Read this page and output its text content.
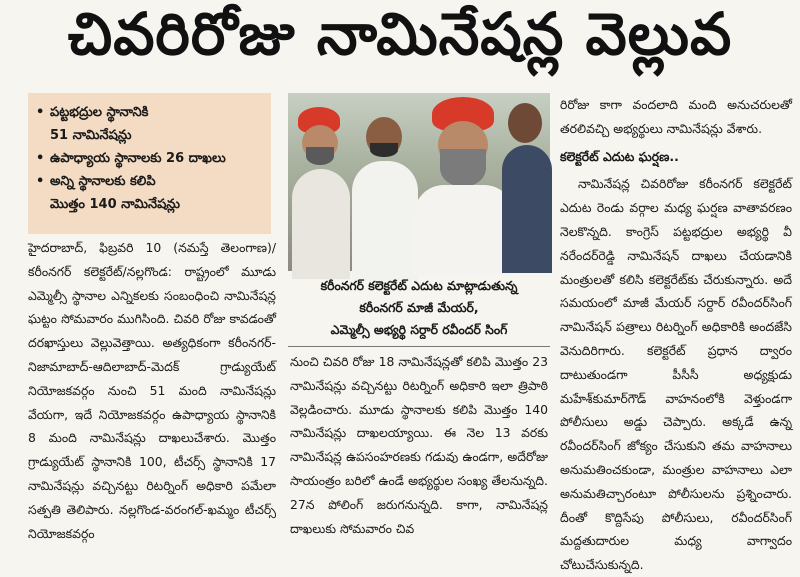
చివరిరోజు నామినేషన్ల వెల్లువ
• పట్టభద్రుల స్థానానికి
51 నామినేషన్లు
• ఉపాధ్యాయ స్థానాలకు 26 దాఖలు
• అన్ని స్థానాలకు కలిపి
మొత్తం 140 నామినేషన్లు

హైదరాబాద్, ఫిబ్రవరి 10 (నమస్తే తెలంగాణ)/కరీంనగర్ కలెక్టరేట్/నల్లగొండ: రాష్ట్రంలో మూడు ఎమ్మెల్సీ స్థానాల ఎన్నికలకు సంబంధించి నామినేషన్ల ఘట్టం సోమవారం ముగిసింది. చివరి రోజు కావడంతో దరఖాస్తులు వెల్లువెత్తాయి. అత్యధికంగా కరీంనగర్-నిజామాబాద్-ఆదిలాబాద్-మెదక్ గ్రాడ్యుయేట్ నియోజకవర్గం నుంచి 51 మంది నామినేషన్లు వేయగా, ఇదే నియోజకవర్గం ఉపాధ్యాయ స్థానానికి 8 మంది నామినేషన్లు దాఖలుచేశారు. మొత్తం గ్రాడ్యుయేట్ స్థానానికి 100, టీచర్స్ స్థానానికి 17 నామినేషన్లు వచ్చినట్టు రిటర్నింగ్ అధికారి పమేలా సత్పతి తెలిపారు. నల్లగొండ-వరంగల్-ఖమ్మం టీచర్స్ నియోజకవర్గం

కరీంనగర్ కలెక్టరేట్ ఎదుట మాట్లాడుతున్న
కరీంనగర్ మాజీ మేయర్,
ఎమ్మెల్సీ అభ్యర్థి సర్దార్ రవీందర్ సింగ్

నుంచి చివరి రోజు 18 నామినేషన్లతో కలిపి మొత్తం 23 నామినేషన్లు వచ్చినట్టు రిటర్నింగ్ అధికారి ఇలా త్రిపాఠి వెల్లడించారు. మూడు స్థానాలకు కలిపి మొత్తం 140 నామినేషన్లు దాఖలయ్యాయి. ఈ నెల 13 వరకు నామినేషన్ల ఉపసంహరణకు గడువు ఉండగా, అదేరోజు సాయంత్రం బరిలో ఉండే అభ్యర్థుల సంఖ్య తేలనున్నది. 27న పోలింగ్ జరుగనున్నది. కాగా, నామినేషన్ల దాఖలుకు సోమవారం చివ

రిరోజు కాగా వందలాది మంది అనుచరులతో తరలివచ్చి అభ్యర్థులు నామినేషన్లు వేశారు.

కలెక్టరేట్ ఎదుట ఘర్షణ..

నామినేషన్ల చివరిరోజు కరీంనగర్ కలెక్టరేట్ ఎదుట రెండు వర్గాల మధ్య ఘర్షణ వాతావరణం నెలకొన్నది. కాంగ్రెస్ పట్టభద్రుల అభ్యర్థి వీ నరేందర్‌రెడ్డి నామినేషన్ దాఖలు చేయడానికి మంత్రులతో కలిసి కలెక్టరేట్‌కు చేరుకున్నారు. అదే సమయంలో మాజీ మేయర్ సర్దార్ రవీందర్‌సింగ్ నామినేషన్ పత్రాలు రిటర్నింగ్ అధికారికి అందజేసి వెనుదిరిగారు. కలెక్టరేట్ ప్రధాన ద్వారం దాటుతుండగా పీసీసీ అధ్యక్షుడు మహేశ్‌కుమార్‌గౌడ్ వాహనంలోకి వెళ్తుండగా పోలీసులు అడ్డు చెప్పారు. అక్కడే ఉన్న రవీందర్‌సింగ్ జోక్యం చేసుకుని తమ వాహనాలు అనుమతించకుండా, మంత్రుల వాహనాలు ఎలా అనుమతిచ్చారంటూ పోలీసులను ప్రశ్నించారు. దీంతో కొద్దిసేపు పోలీసులు, రవీందర్‌సింగ్ మద్దతుదారుల మధ్య వాగ్వాదం చోటుచేసుకున్నది.
